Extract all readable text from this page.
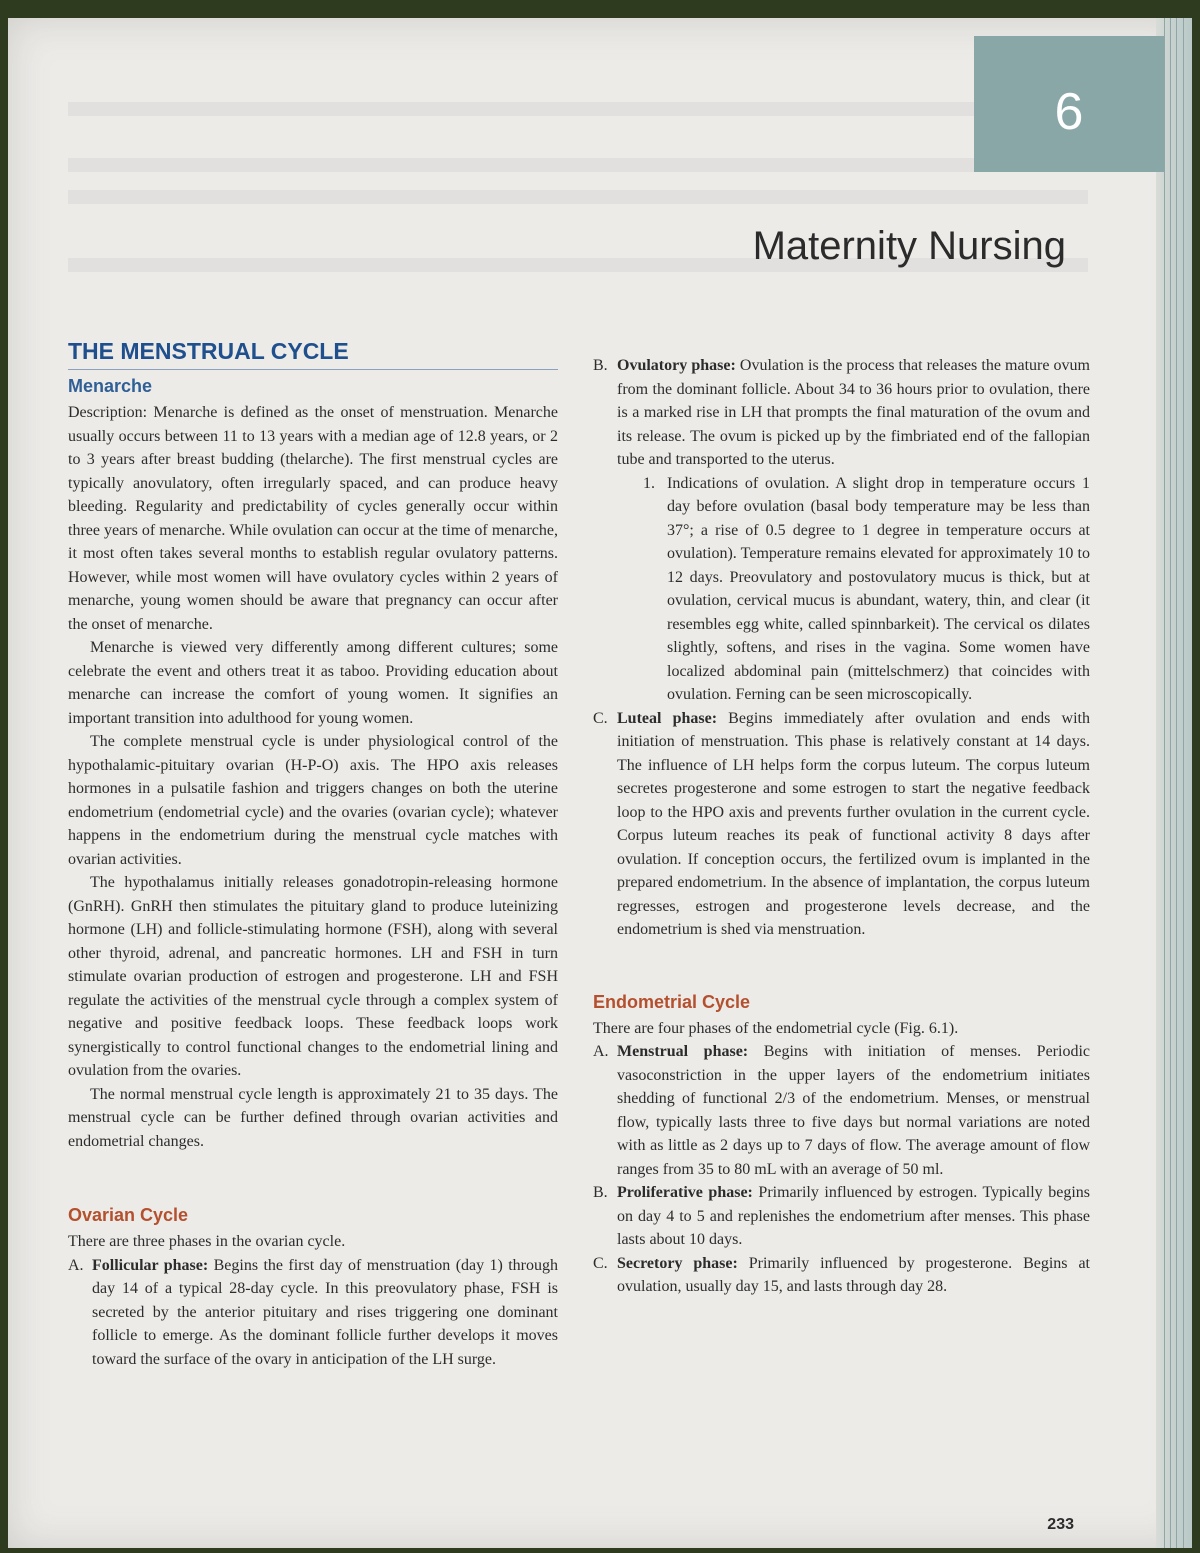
6
Maternity Nursing
THE MENSTRUAL CYCLE
Menarche

Description: Menarche is defined as the onset of menstruation. Menarche usually occurs between 11 to 13 years with a median age of 12.8 years, or 2 to 3 years after breast budding (thelarche). The first menstrual cycles are typically anovulatory, often irregularly spaced, and can produce heavy bleeding. Regularity and predictability of cycles generally occur within three years of menarche. While ovulation can occur at the time of menarche, it most often takes several months to establish regular ovulatory patterns. However, while most women will have ovulatory cycles within 2 years of menarche, young women should be aware that pregnancy can occur after the onset of menarche.

Menarche is viewed very differently among different cultures; some celebrate the event and others treat it as taboo. Providing education about menarche can increase the comfort of young women. It signifies an important transition into adulthood for young women.

The complete menstrual cycle is under physiological control of the hypothalamic-pituitary ovarian (H-P-O) axis. The HPO axis releases hormones in a pulsatile fashion and triggers changes on both the uterine endometrium (endometrial cycle) and the ovaries (ovarian cycle); whatever happens in the endometrium during the menstrual cycle matches with ovarian activities.

The hypothalamus initially releases gonadotropin-releasing hormone (GnRH). GnRH then stimulates the pituitary gland to produce luteinizing hormone (LH) and follicle-stimulating hormone (FSH), along with several other thyroid, adrenal, and pancreatic hormones. LH and FSH in turn stimulate ovarian production of estrogen and progesterone. LH and FSH regulate the activities of the menstrual cycle through a complex system of negative and positive feedback loops. These feedback loops work synergistically to control functional changes to the endometrial lining and ovulation from the ovaries.

The normal menstrual cycle length is approximately 21 to 35 days. The menstrual cycle can be further defined through ovarian activities and endometrial changes.

Ovarian Cycle

There are three phases in the ovarian cycle.

A. Follicular phase: Begins the first day of menstruation (day 1) through day 14 of a typical 28-day cycle. In this preovulatory phase, FSH is secreted by the anterior pituitary and rises triggering one dominant follicle to emerge. As the dominant follicle further develops it moves toward the surface of the ovary in anticipation of the LH surge.
B. Ovulatory phase: Ovulation is the process that releases the mature ovum from the dominant follicle. About 34 to 36 hours prior to ovulation, there is a marked rise in LH that prompts the final maturation of the ovum and its release. The ovum is picked up by the fimbriated end of the fallopian tube and transported to the uterus.
1. Indications of ovulation. A slight drop in temperature occurs 1 day before ovulation (basal body temperature may be less than 37°; a rise of 0.5 degree to 1 degree in temperature occurs at ovulation). Temperature remains elevated for approximately 10 to 12 days. Preovulatory and postovulatory mucus is thick, but at ovulation, cervical mucus is abundant, watery, thin, and clear (it resembles egg white, called spinnbarkeit). The cervical os dilates slightly, softens, and rises in the vagina. Some women have localized abdominal pain (mittelschmerz) that coincides with ovulation. Ferning can be seen microscopically.
C. Luteal phase: Begins immediately after ovulation and ends with initiation of menstruation. This phase is relatively constant at 14 days. The influence of LH helps form the corpus luteum. The corpus luteum secretes progesterone and some estrogen to start the negative feedback loop to the HPO axis and prevents further ovulation in the current cycle. Corpus luteum reaches its peak of functional activity 8 days after ovulation. If conception occurs, the fertilized ovum is implanted in the prepared endometrium. In the absence of implantation, the corpus luteum regresses, estrogen and progesterone levels decrease, and the endometrium is shed via menstruation.
Endometrial Cycle

There are four phases of the endometrial cycle (Fig. 6.1).

A. Menstrual phase: Begins with initiation of menses. Periodic vasoconstriction in the upper layers of the endometrium initiates shedding of functional 2/3 of the endometrium. Menses, or menstrual flow, typically lasts three to five days but normal variations are noted with as little as 2 days up to 7 days of flow. The average amount of flow ranges from 35 to 80 mL with an average of 50 ml.
B. Proliferative phase: Primarily influenced by estrogen. Typically begins on day 4 to 5 and replenishes the endometrium after menses. This phase lasts about 10 days.
C. Secretory phase: Primarily influenced by progesterone. Begins at ovulation, usually day 15, and lasts through day 28.
233
